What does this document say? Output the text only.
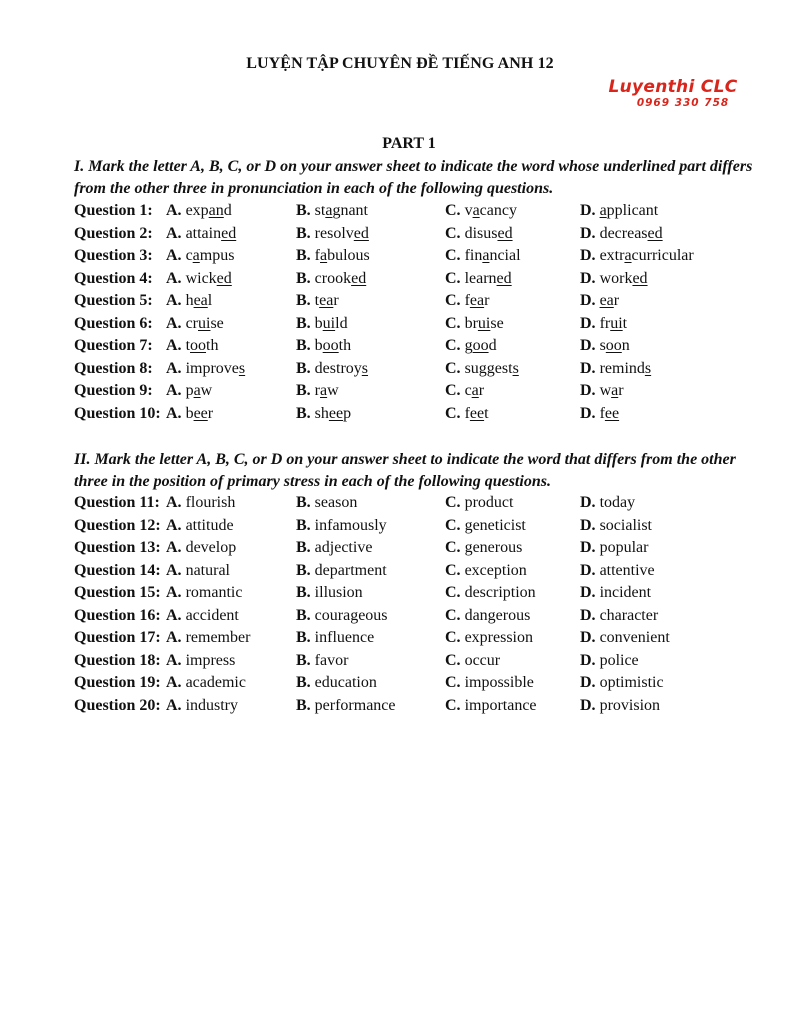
LUYỆN TẬP CHUYÊN ĐỀ TIẾNG ANH 12
Luyenthi CLC
0969 330 758
PART 1
I. Mark the letter A, B, C, or D on your answer sheet to indicate the word whose underlined part differs from the other three in pronunciation in each of the following questions.
Question 1: A. expand	B. stagnant	C. vacancy	D. applicant
Question 2: A. attained	B. resolved	C. disused	D. decreased
Question 3: A. campus	B. fabulous	C. financial	D. extracurricular
Question 4: A. wicked	B. crooked	C. learned	D. worked
Question 5: A. heal	B. tear	C. fear	D. ear
Question 6: A. cruise	B. build	C. bruise	D. fruit
Question 7: A. tooth	B. booth	C. good	D. soon
Question 8: A. improves	B. destroys	C. suggests	D. reminds
Question 9: A. paw	B. raw	C. car	D. war
Question 10: A. beer	B. sheep	C. feet	D. fee
II. Mark the letter A, B, C, or D on your answer sheet to indicate the word that differs from the other three in the position of primary stress in each of the following questions.
Question 11: A. flourish	B. season	C. product	D. today
Question 12: A. attitude	B. infamously	C. geneticist	D. socialist
Question 13: A. develop	B. adjective	C. generous	D. popular
Question 14: A. natural	B. department	C. exception	D. attentive
Question 15: A. romantic	B. illusion	C. description	D. incident
Question 16: A. accident	B. courageous	C. dangerous	D. character
Question 17: A. remember	B. influence	C. expression	D. convenient
Question 18: A. impress	B. favor	C. occur	D. police
Question 19: A. academic	B. education	C. impossible	D. optimistic
Question 20: A. industry	B. performance	C. importance	D. provision
